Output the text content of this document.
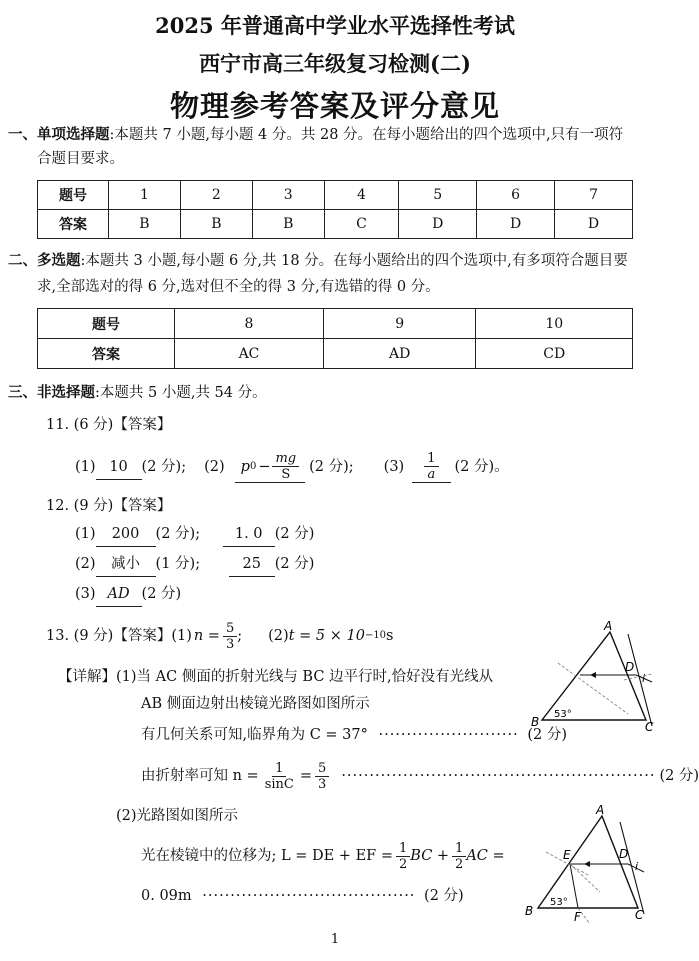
2025 年普通高中学业水平选择性考试
西宁市高三年级复习检测(二)
物理参考答案及评分意见
一、单项选择题:本题共 7 小题,每小题 4 分。共 28 分。在每小题给出的四个选项中,只有一项符
合题目要求。
题号	1	2	3	4	5	6	7
答案	B	B	B	C	D	D	D
二、多选题:本题共 3 小题,每小题 6 分,共 18 分。在每小题给出的四个选项中,有多项符合题目要
求,全部选对的得 6 分,选对但不全的得 3 分,有选错的得 0 分。
题号	8	9	10
答案	AC	AD	CD
三、非选择题:本题共 5 小题,共 54 分。
11. (6 分)【答案】
(1) 10 (2 分); (2) p $0 - \frac{mg}{S} (2$ 分); $(3) \frac{1}{a} (2$ 分)。
12. (9 分)【答案】
(1) 200 (2 分); 1. 0 (2 分)
(2) 减小 (1 分);	25 (2 分)
(3) AD (2 分)
13. (9 分)【答案】(1) $n = \frac{5}{3}$ ; (2) t = 5 × 10 −10 s
【详解】(1)当 AC 侧面的折射光线与 BC 边平行时,恰好没有光线从
AB 侧面边射出棱镜光路图如图所示
有几何关系可知,临界角为 C = 37° ························· (2 分)
由折射率可知 $n = \frac{1}{\sin C} = \frac{5}{3}$ ························································ (2 分)
(2)光路图如图所示
光在棱镜中的位移为; L = DE + EF = $\frac{1}{2}$ BC + $\frac{1}{2}$ AC =
0. 09m ······································ (2 分)
A
B	C
D
i
53°
A
B	C
D
E
F
i
53°
1
